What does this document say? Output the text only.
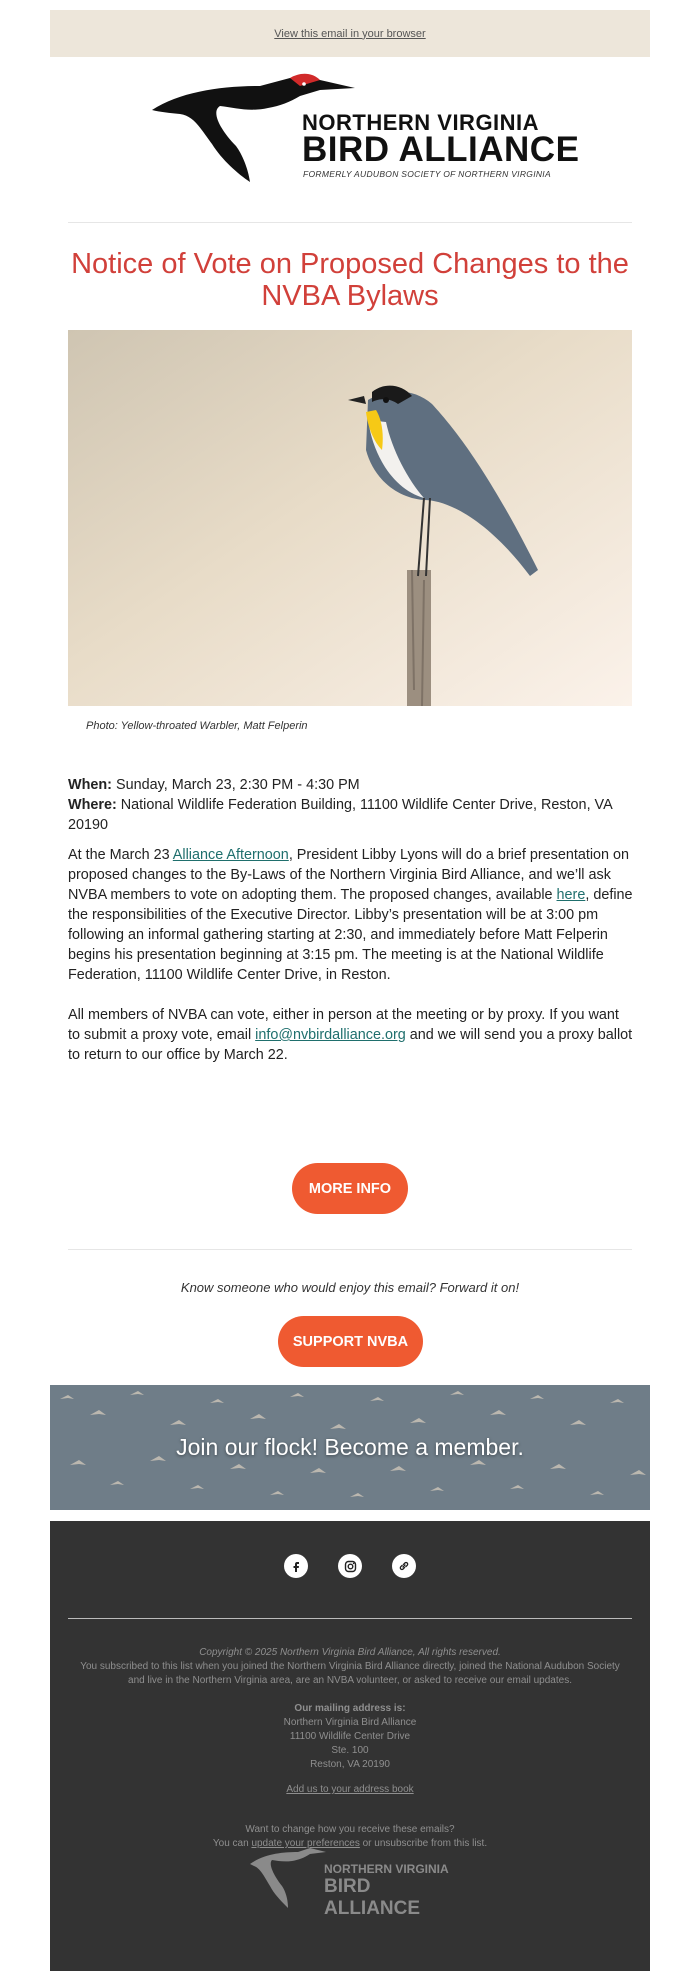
View this email in your browser
NORTHERN VIRGINIA
BIRD ALLIANCE
FORMERLY AUDUBON SOCIETY OF NORTHERN VIRGINIA
Notice of Vote on Proposed Changes to the NVBA Bylaws
Photo: Yellow-throated Warbler, Matt Felperin

When: Sunday, March 23, 2:30 PM - 4:30 PM
Where: National Wildlife Federation Building, 11100 Wildlife Center Drive, Reston, VA 20190

At the March 23 Alliance Afternoon, President Libby Lyons will do a brief presentation on proposed changes to the By-Laws of the Northern Virginia Bird Alliance, and we’ll ask NVBA members to vote on adopting them. The proposed changes, available here, define the responsibilities of the Executive Director. Libby’s presentation will be at 3:00 pm following an informal gathering starting at 2:30, and immediately before Matt Felperin begins his presentation beginning at 3:15 pm. The meeting is at the National Wildlife Federation, 11100 Wildlife Center Drive, in Reston.

All members of NVBA can vote, either in person at the meeting or by proxy. If you want to submit a proxy vote, email info@nvbirdalliance.org and we will send you a proxy ballot to return to our office by March 22.

MORE INFO
Know someone who would enjoy this email? Forward it on!
SUPPORT NVBA
Join our flock! Become a member.
Copyright © 2025 Northern Virginia Bird Alliance, All rights reserved.
You subscribed to this list when you joined the Northern Virginia Bird Alliance directly, joined the National Audubon Society and live in the Northern Virginia area, are an NVBA volunteer, or asked to receive our email updates.
Our mailing address is:
Northern Virginia Bird Alliance
11100 Wildlife Center Drive
Ste. 100
Reston, VA 20190
Add us to your address book
Want to change how you receive these emails?
You can update your preferences or unsubscribe from this list.
NORTHERN VIRGINIA
BIRD ALLIANCE
